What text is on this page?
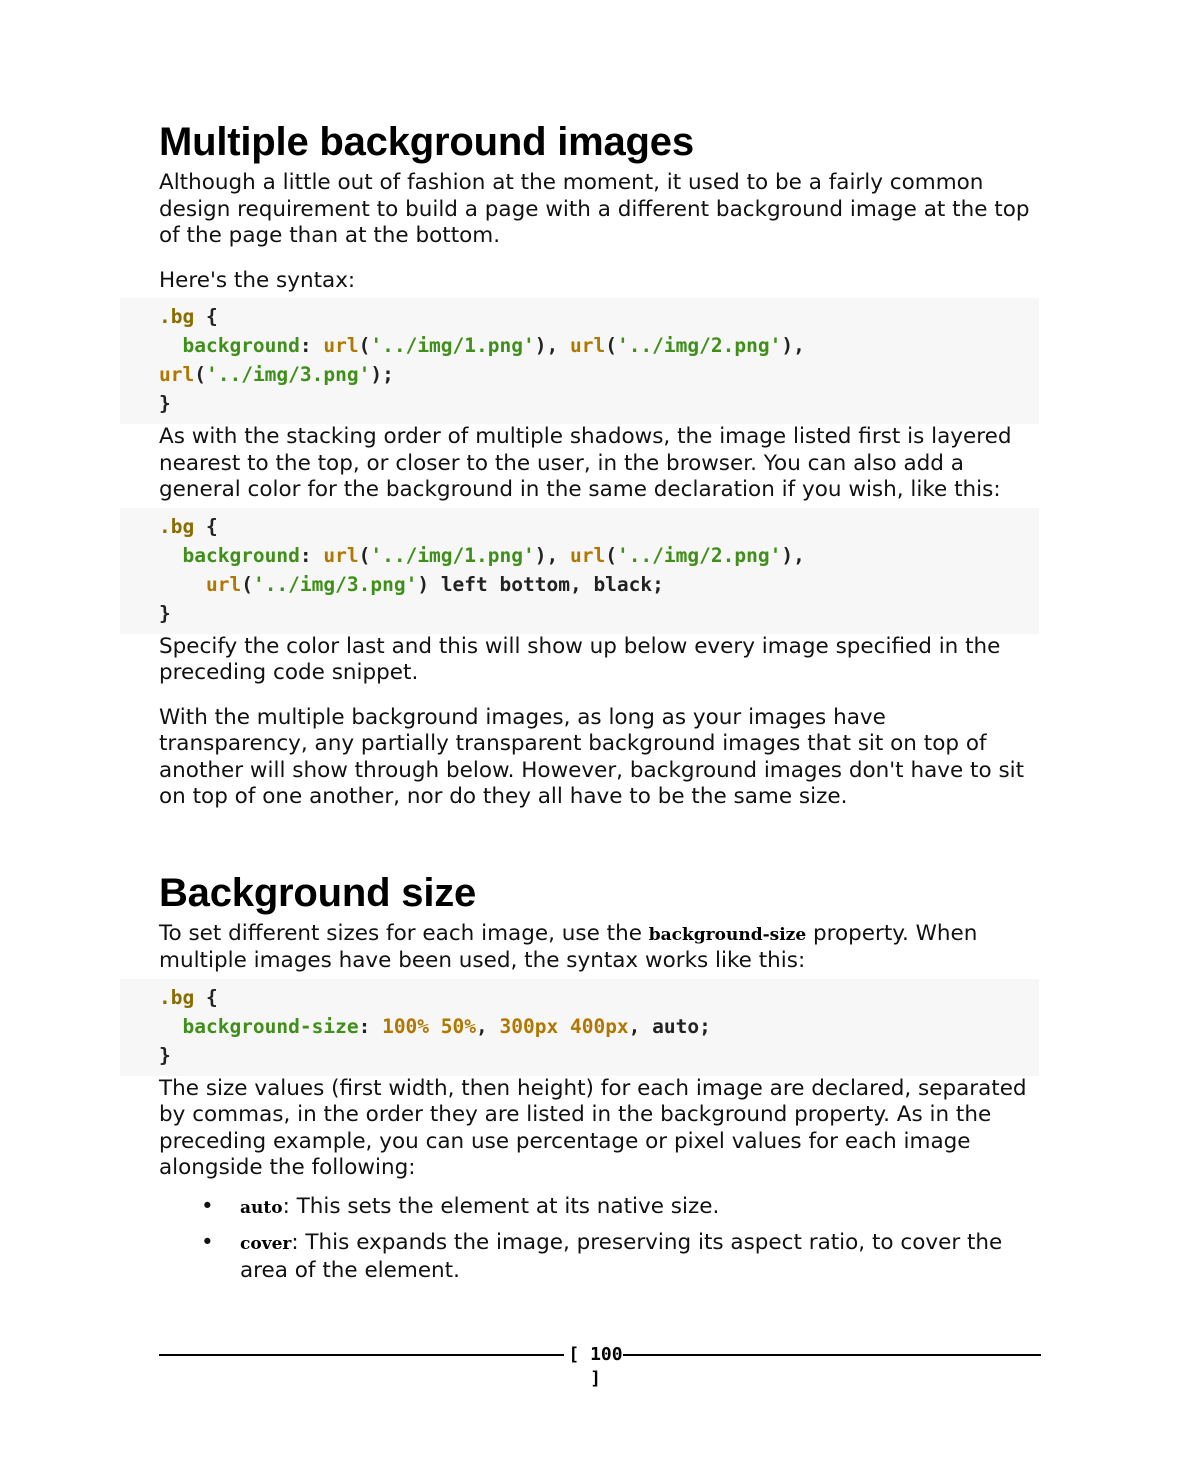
Multiple background images

Although a little out of fashion at the moment, it used to be a fairly common design requirement to build a page with a different background image at the top of the page than at the bottom.

Here's the syntax:

.bg {
background: url('../img/1.png'), url('../img/2.png'), url('../img/3.png');
}

As with the stacking order of multiple shadows, the image listed first is layered nearest to the top, or closer to the user, in the browser. You can also add a general color for the background in the same declaration if you wish, like this:

.bg {
background: url('../img/1.png'), url('../img/2.png'),
url('../img/3.png') left bottom, black;
}

Specify the color last and this will show up below every image specified in the preceding code snippet.

With the multiple background images, as long as your images have transparency, any partially transparent background images that sit on top of another will show through below. However, background images don't have to sit on top of one another, nor do they all have to be the same size.

Background size

To set different sizes for each image, use the background-size property. When multiple images have been used, the syntax works like this:

.bg {
background-size: 100% 50%, 300px 400px, auto;
}

The size values (first width, then height) for each image are declared, separated by commas, in the order they are listed in the background property. As in the preceding example, you can use percentage or pixel values for each image alongside the following:

• auto: This sets the element at its native size.
• cover: This expands the image, preserving its aspect ratio, to cover the area of the element.
[ 100 ]
